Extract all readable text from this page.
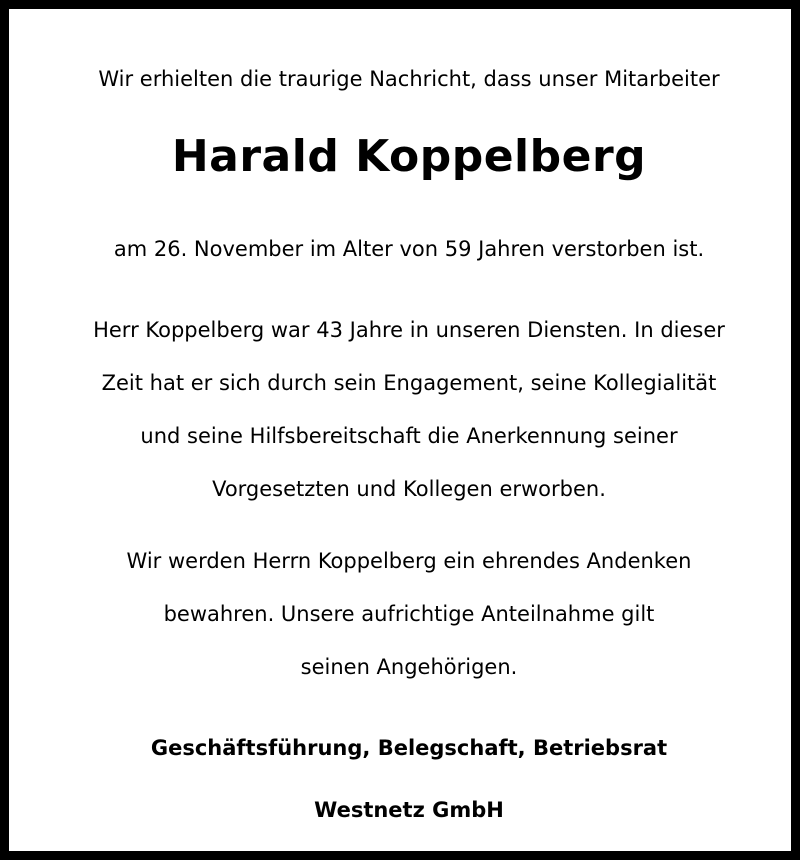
Wir erhielten die traurige Nachricht, dass unser Mitarbeiter
Harald Koppelberg
am 26. November im Alter von 59 Jahren verstorben ist.
Herr Koppelberg war 43 Jahre in unseren Diensten. In dieser
Zeit hat er sich durch sein Engagement, seine Kollegialität
und seine Hilfsbereitschaft die Anerkennung seiner
Vorgesetzten und Kollegen erworben.
Wir werden Herrn Koppelberg ein ehrendes Andenken
bewahren. Unsere aufrichtige Anteilnahme gilt
seinen Angehörigen.
Geschäftsführung, Belegschaft, Betriebsrat
Westnetz GmbH
